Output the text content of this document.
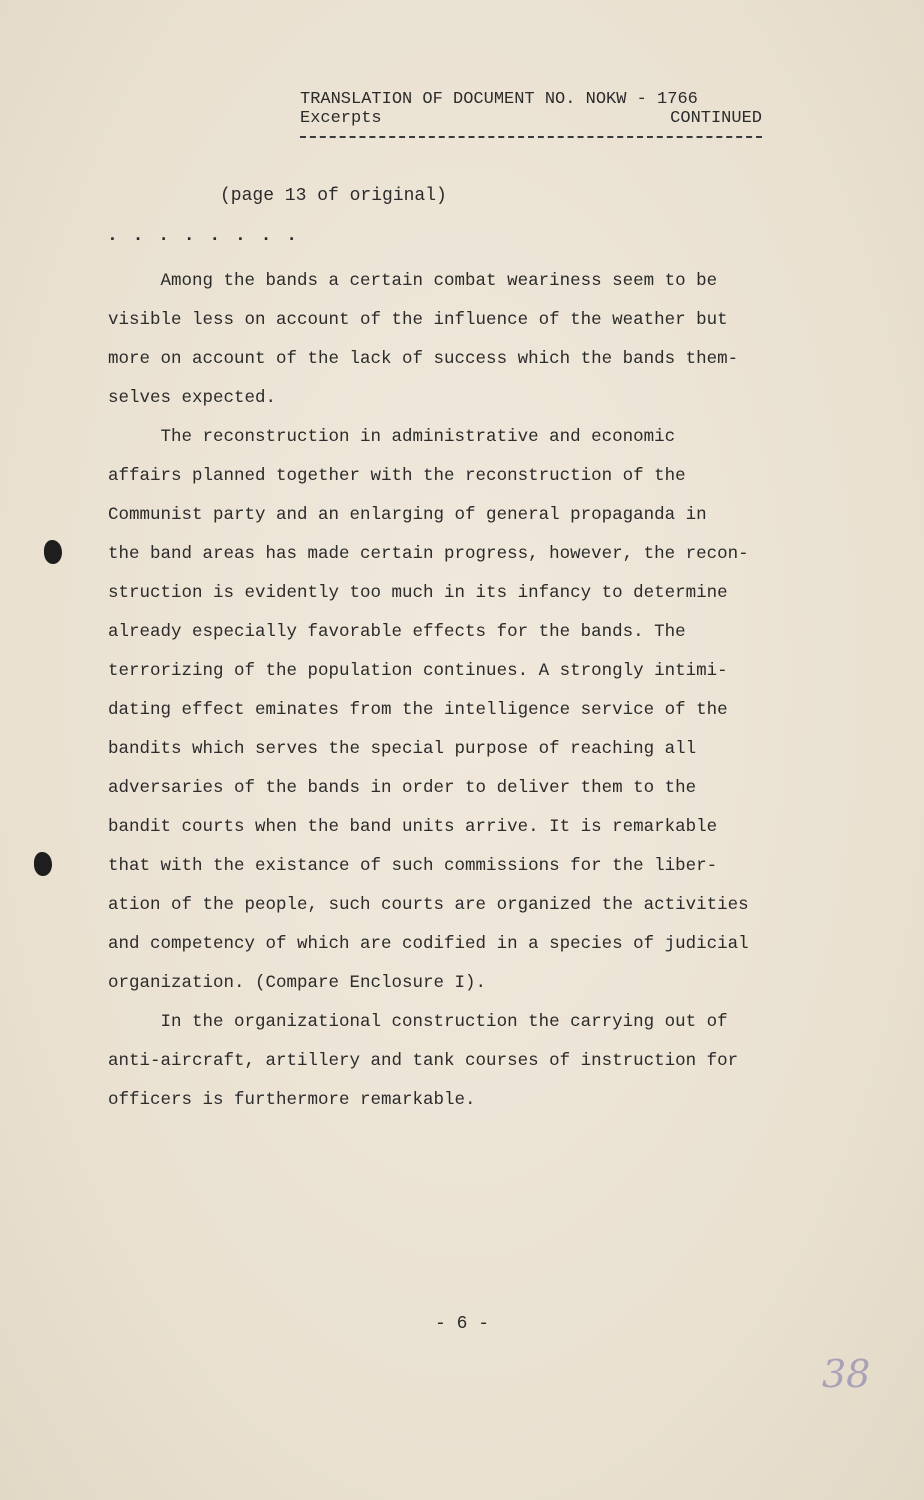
TRANSLATION OF DOCUMENT NO. NOKW - 1766
Excerpts	CONTINUED
(page 13 of original)
. . . . . . . .
Among the bands a certain combat weariness seem to be
visible less on account of the influence of the weather but
more on account of the lack of success which the bands them-
selves expected.
The reconstruction in administrative and economic
affairs planned together with the reconstruction of the
Communist party and an enlarging of general propaganda in
the band areas has made certain progress, however, the recon-
struction is evidently too much in its infancy to determine
already especially favorable effects for the bands. The
terrorizing of the population continues. A strongly intimi-
dating effect eminates from the intelligence service of the
bandits which serves the special purpose of reaching all
adversaries of the bands in order to deliver them to the
bandit courts when the band units arrive. It is remarkable
that with the existance of such commissions for the liber-
ation of the people, such courts are organized the activities
and competency of which are codified in a species of judicial
organization. (Compare Enclosure I).
In the organizational construction the carrying out of
anti-aircraft, artillery and tank courses of instruction for
officers is furthermore remarkable.
- 6 -
38
